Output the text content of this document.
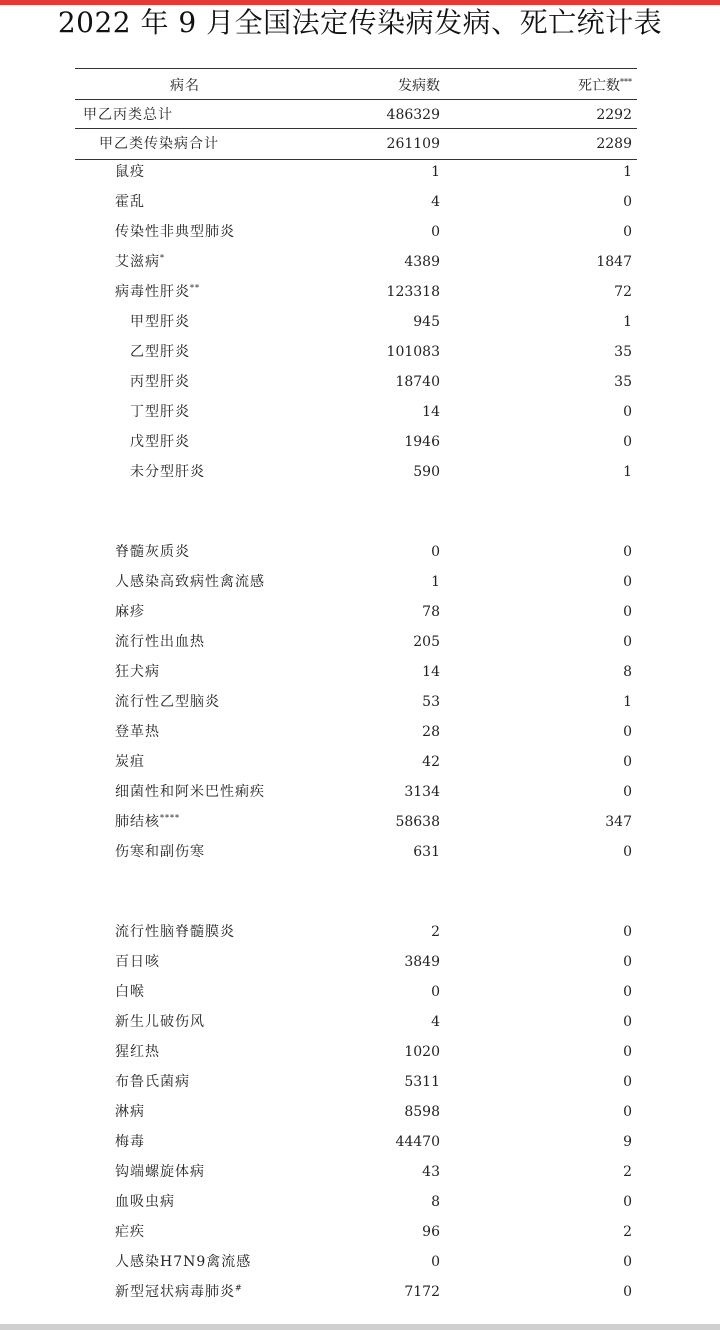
2022 年 9 月全国法定传染病发病、死亡统计表
病名	发病数	死亡数***
甲乙丙类总计	486329	2292
甲乙类传染病合计	261109	2289
鼠疫	1	1
霍乱	4	0
传染性非典型肺炎	0	0
艾滋病*	4389	1847
病毒性肝炎**	123318	72
甲型肝炎	945	1
乙型肝炎	101083	35
丙型肝炎	18740	35
丁型肝炎	14	0
戊型肝炎	1946	0
未分型肝炎	590	1
脊髓灰质炎	0	0
人感染高致病性禽流感	1	0
麻疹	78	0
流行性出血热	205	0
狂犬病	14	8
流行性乙型脑炎	53	1
登革热	28	0
炭疽	42	0
细菌性和阿米巴性痢疾	3134	0
肺结核****	58638	347
伤寒和副伤寒	631	0
流行性脑脊髓膜炎	2	0
百日咳	3849	0
白喉	0	0
新生儿破伤风	4	0
猩红热	1020	0
布鲁氏菌病	5311	0
淋病	8598	0
梅毒	44470	9
钩端螺旋体病	43	2
血吸虫病	8	0
疟疾	96	2
人感染H7N9禽流感	0	0
新型冠状病毒肺炎#	7172	0
